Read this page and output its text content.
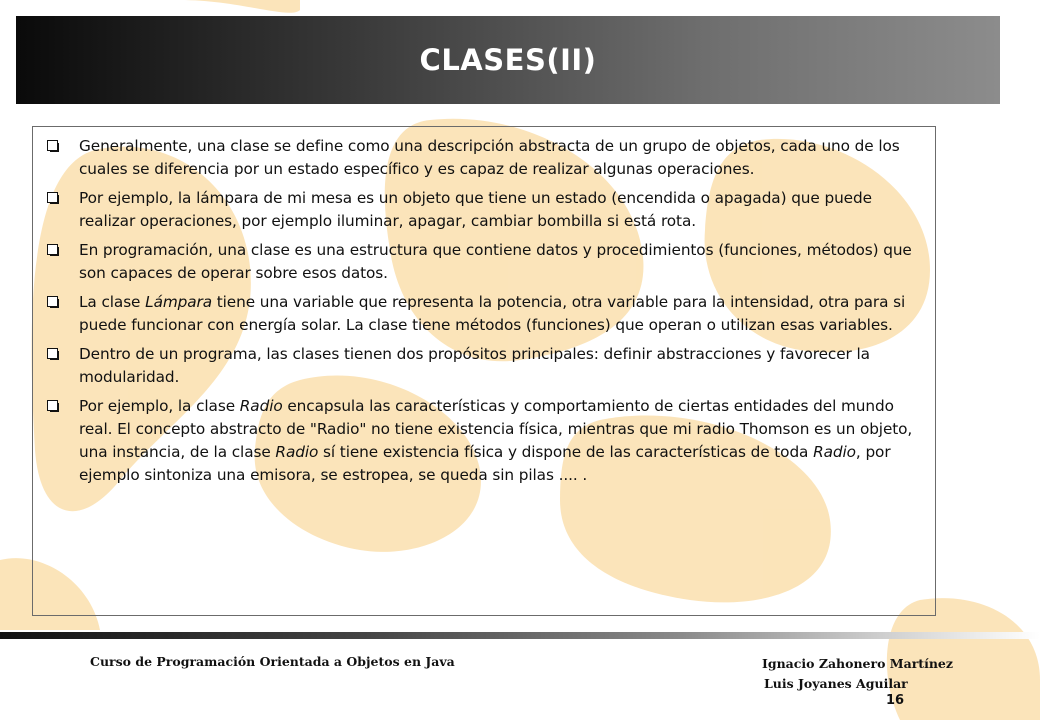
CLASES(II)
Generalmente, una clase se define como una descripción abstracta de un grupo de objetos, cada uno de los cuales se diferencia por un estado específico y es capaz de realizar algunas operaciones.
Por ejemplo, la lámpara de mi mesa es un objeto que tiene un estado (encendida o apagada) que puede realizar operaciones, por ejemplo iluminar, apagar, cambiar bombilla si está rota.
En programación, una clase es una estructura que contiene datos y procedimientos (funciones, métodos) que son capaces de operar sobre esos datos.
La clase Lámpara tiene una variable que representa la potencia, otra variable para la intensidad, otra para si puede funcionar con energía solar. La clase tiene métodos (funciones) que operan o utilizan esas variables.
Dentro de un programa, las clases tienen dos propósitos principales: definir abstracciones y favorecer la modularidad.
Por ejemplo, la clase Radio encapsula las características y comportamiento de ciertas entidades del mundo real. El concepto abstracto de "Radio" no tiene existencia física, mientras que mi radio Thomson es un objeto, una instancia, de la clase Radio sí tiene existencia física y dispone de las características de toda Radio, por ejemplo sintoniza una emisora, se estropea, se queda sin pilas .... .
Curso de Programación Orientada a Objetos en Java	Ignacio Zahonero Martínez
Luis Joyanes Aguilar
16
